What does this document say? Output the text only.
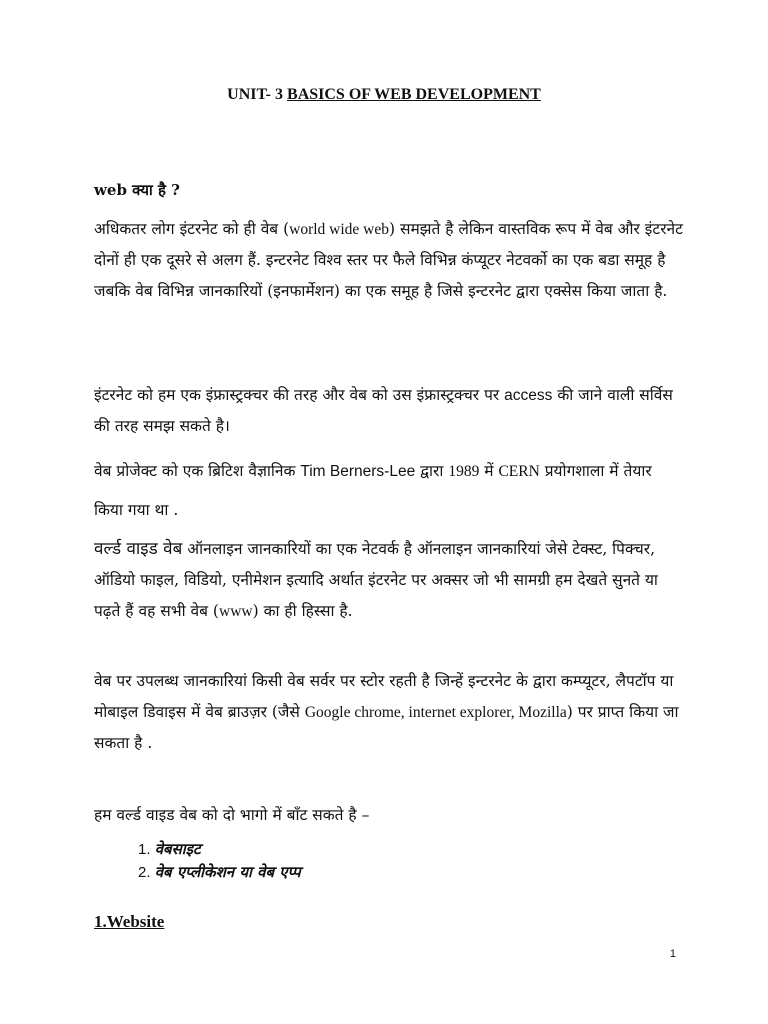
UNIT- 3 BASICS OF WEB DEVELOPMENT
web क्या है ?
अधिकतर लोग इंटरनेट को ही वेब (world wide web) समझते है लेकिन वास्तविक रूप में वेब और इंटरनेट दोनों ही एक दूसरे से अलग हैं. इन्टरनेट विश्व स्तर पर फैले विभिन्न कंप्यूटर नेटवर्को का एक बडा समूह है जबकि वेब विभिन्न जानकारियों (इनफार्मेशन) का एक समूह है जिसे इन्टरनेट द्वारा एक्सेस किया जाता है.
इंटरनेट को हम एक इंफ्रास्ट्रक्चर की तरह और वेब को उस इंफ्रास्ट्रक्चर पर access की जाने वाली सर्विस की तरह समझ सकते है।
वेब प्रोजेक्ट को एक ब्रिटिश वैज्ञानिक Tim Berners-Lee द्वारा 1989 में CERN प्रयोगशाला में तेयार किया गया था .
वर्ल्ड वाइड वेब ऑनलाइन जानकारियों का एक नेटवर्क है ऑनलाइन जानकारियां जेसे टेक्स्ट, पिक्चर, ऑडियो फाइल, विडियो, एनीमेशन इत्यादि अर्थात इंटरनेट पर अक्सर जो भी सामग्री हम देखते सुनते या पढ़ते हैं वह सभी वेब (www) का ही हिस्सा है.
वेब पर उपलब्ध जानकारियां किसी वेब सर्वर पर स्टोर रहती है जिन्हें इन्टरनेट के द्वारा कम्प्यूटर, लैपटॉप या मोबाइल डिवाइस में वेब ब्राउज़र (जैसे Google chrome, internet explorer, Mozilla) पर प्राप्त किया जा सकता है .
हम वर्ल्ड वाइड वेब को दो भागो में बाँट सकते है –
1. वेबसाइट
2. वेब एप्लीकेशन या वेब एप्प
1.Website
1
